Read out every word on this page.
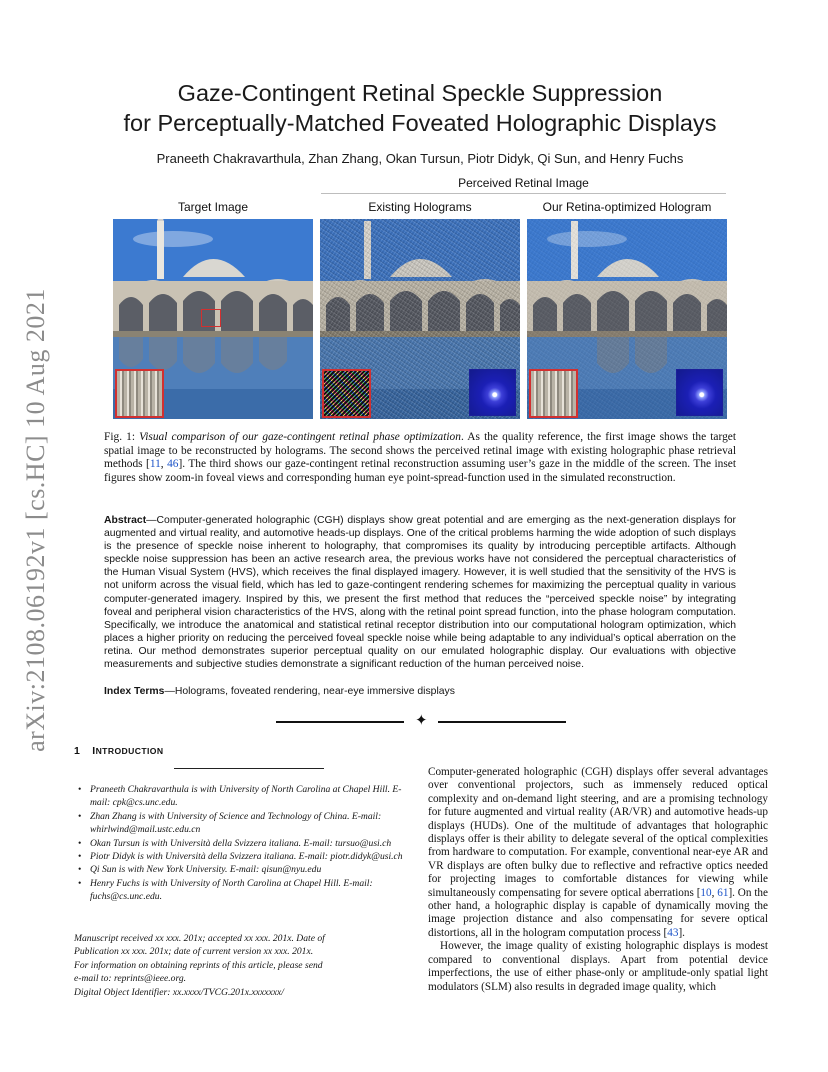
arXiv:2108.06192v1 [cs.HC] 10 Aug 2021
Gaze-Contingent Retinal Speckle Suppression
for Perceptually-Matched Foveated Holographic Displays
Praneeth Chakravarthula, Zhan Zhang, Okan Tursun, Piotr Didyk, Qi Sun, and Henry Fuchs
Perceived Retinal Image
Target Image	Existing Holograms	Our Retina-optimized Hologram
Fig. 1: Visual comparison of our gaze-contingent retinal phase optimization. As the quality reference, the first image shows the target spatial image to be reconstructed by holograms. The second shows the perceived retinal image with existing holographic phase retrieval methods [11, 46]. The third shows our gaze-contingent retinal reconstruction assuming user’s gaze in the middle of the screen. The inset figures show zoom-in foveal views and corresponding human eye point-spread-function used in the simulated reconstruction.
Abstract—Computer-generated holographic (CGH) displays show great potential and are emerging as the next-generation displays for augmented and virtual reality, and automotive heads-up displays. One of the critical problems harming the wide adoption of such displays is the presence of speckle noise inherent to holography, that compromises its quality by introducing perceptible artifacts. Although speckle noise suppression has been an active research area, the previous works have not considered the perceptual characteristics of the Human Visual System (HVS), which receives the final displayed imagery. However, it is well studied that the sensitivity of the HVS is not uniform across the visual field, which has led to gaze-contingent rendering schemes for maximizing the perceptual quality in various computer-generated imagery. Inspired by this, we present the first method that reduces the “perceived speckle noise” by integrating foveal and peripheral vision characteristics of the HVS, along with the retinal point spread function, into the phase hologram computation. Specifically, we introduce the anatomical and statistical retinal receptor distribution into our computational hologram optimization, which places a higher priority on reducing the perceived foveal speckle noise while being adaptable to any individual’s optical aberration on the retina. Our method demonstrates superior perceptual quality on our emulated holographic display. Our evaluations with objective measurements and subjective studies demonstrate a significant reduction of the human perceived noise.
Index Terms—Holograms, foveated rendering, near-eye immersive displays
✦
1 INTRODUCTION
• Praneeth Chakravarthula is with University of North Carolina at Chapel Hill. E-mail: cpk@cs.unc.edu.
• Zhan Zhang is with University of Science and Technology of China. E-mail: whirlwind@mail.ustc.edu.cn
• Okan Tursun is with Università della Svizzera italiana. E-mail: tursuo@usi.ch
• Piotr Didyk is with Università della Svizzera italiana. E-mail: piotr.didyk@usi.ch
• Qi Sun is with New York University. E-mail: qisun@nyu.edu
• Henry Fuchs is with University of North Carolina at Chapel Hill. E-mail: fuchs@cs.unc.edu.
Manuscript received xx xxx. 201x; accepted xx xxx. 201x. Date of
Publication xx xxx. 201x; date of current version xx xxx. 201x.
For information on obtaining reprints of this article, please send
e-mail to: reprints@ieee.org.
Digital Object Identifier: xx.xxxx/TVCG.201x.xxxxxxx/

Computer-generated holographic (CGH) displays offer several advantages over conventional projectors, such as immensely reduced optical complexity and on-demand light steering, and are a promising technology for future augmented and virtual reality (AR/VR) and automotive heads-up displays (HUDs). One of the multitude of advantages that holographic displays offer is their ability to delegate several of the optical complexities from hardware to computation. For example, conventional near-eye AR and VR displays are often bulky due to reflective and refractive optics needed for projecting images to comfortable distances for viewing while simultaneously compensating for severe optical aberrations [10, 61]. On the other hand, a holographic display is capable of dynamically moving the image projection distance and also compensating for severe optical distortions, all in the hologram computation process [43].

However, the image quality of existing holographic displays is modest compared to conventional displays. Apart from potential device imperfections, the use of either phase-only or amplitude-only spatial light modulators (SLM) also results in degraded image quality, which
